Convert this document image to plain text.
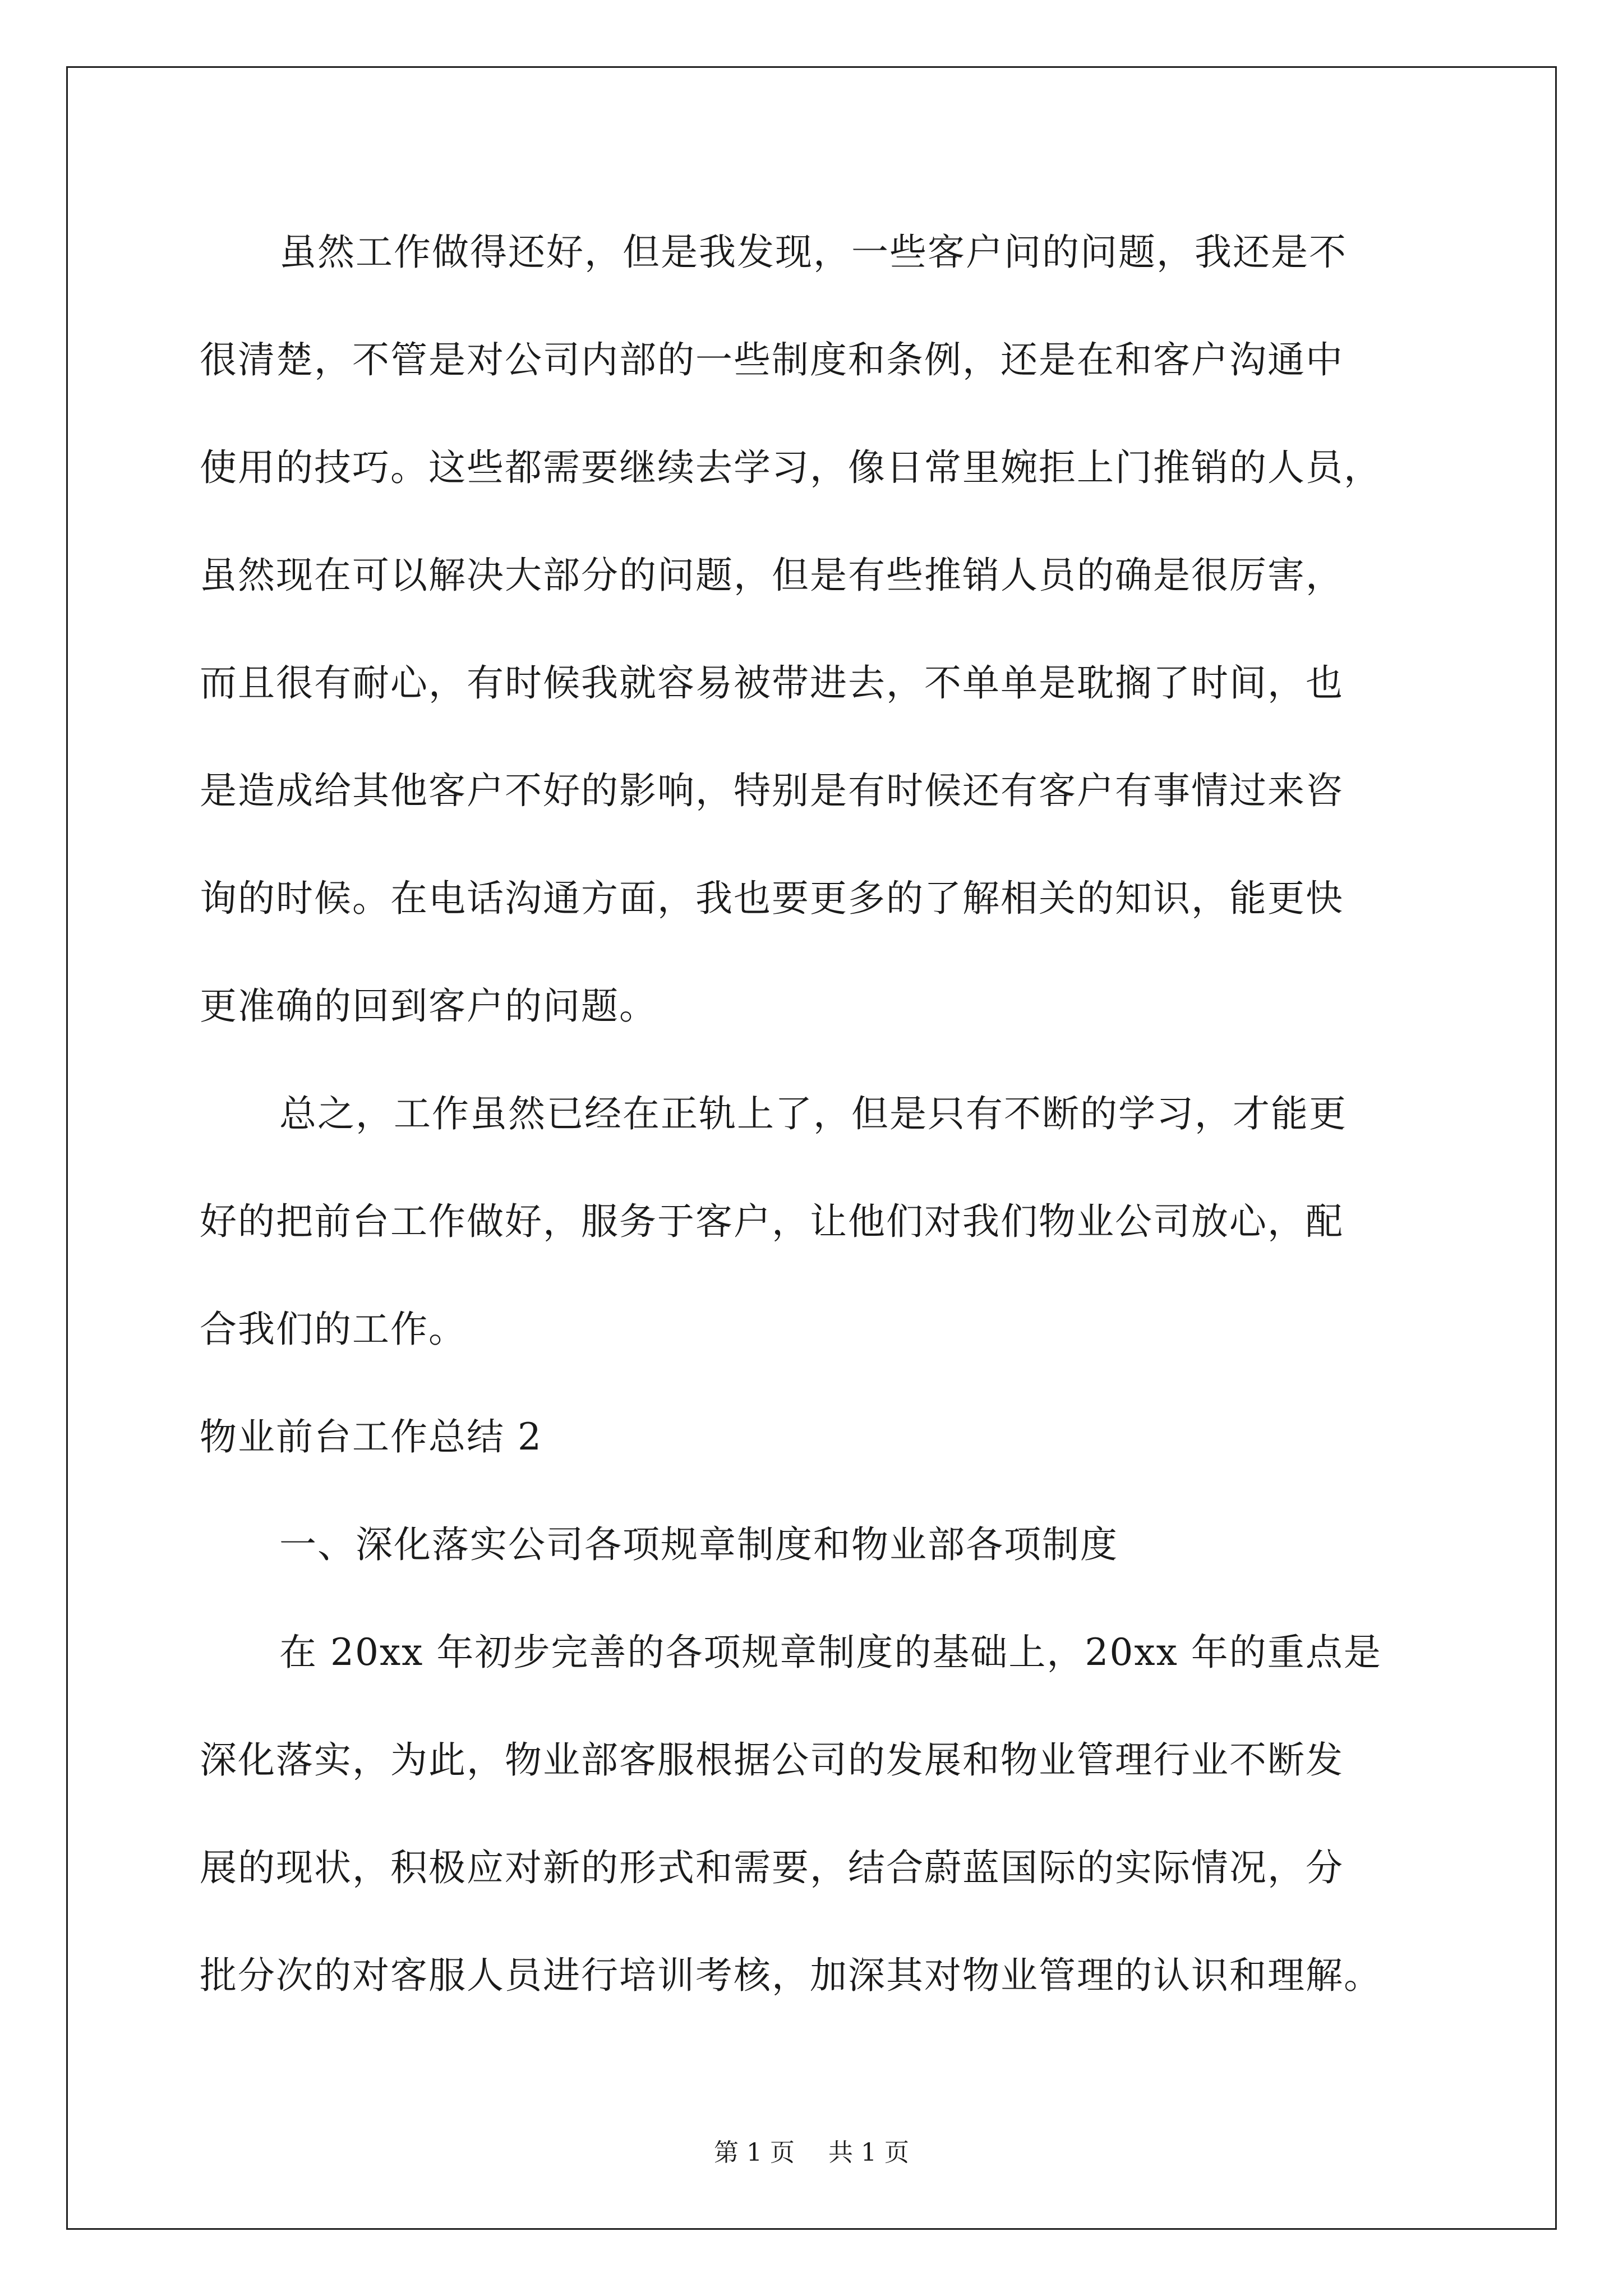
虽然工作做得还好，但是我发现，一些客户问的问题，我还是不
很清楚，不管是对公司内部的一些制度和条例，还是在和客户沟通中
使用的技巧。这些都需要继续去学习，像日常里婉拒上门推销的人员，
虽然现在可以解决大部分的问题，但是有些推销人员的确是很厉害，
而且很有耐心，有时候我就容易被带进去，不单单是耽搁了时间，也
是造成给其他客户不好的影响，特别是有时候还有客户有事情过来咨
询的时候。在电话沟通方面，我也要更多的了解相关的知识，能更快
更准确的回到客户的问题。
总之，工作虽然已经在正轨上了，但是只有不断的学习，才能更
好的把前台工作做好，服务于客户，让他们对我们物业公司放心，配
合我们的工作。
物业前台工作总结 2
一、深化落实公司各项规章制度和物业部各项制度
在 20xx 年初步完善的各项规章制度的基础上，20xx 年的重点是
深化落实，为此，物业部客服根据公司的发展和物业管理行业不断发
展的现状，积极应对新的形式和需要，结合蔚蓝国际的实际情况，分
批分次的对客服人员进行培训考核，加深其对物业管理的认识和理解。
第 1 页 共 1 页
